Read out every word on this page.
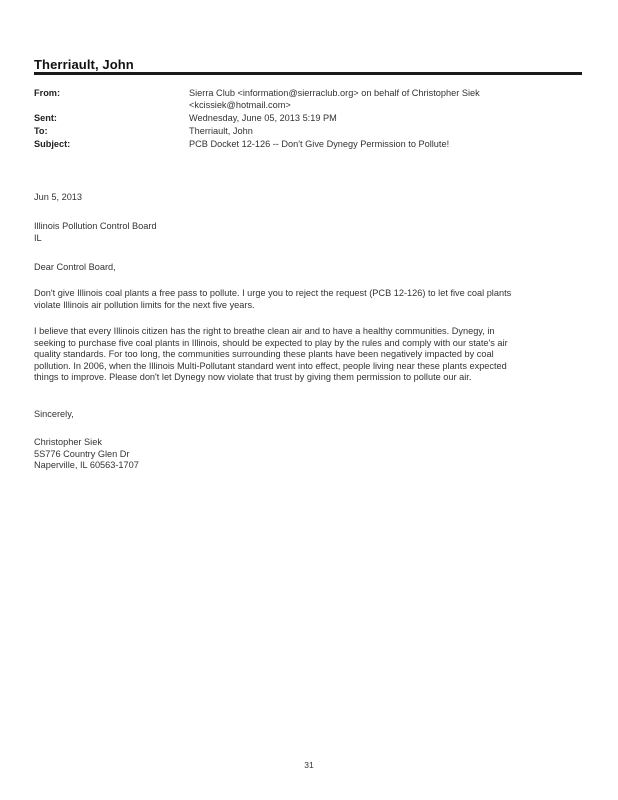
Therriault, John
From:	Sierra Club <information@sierraclub.org> on behalf of Christopher Siek
<kcissiek@hotmail.com>
Sent:	Wednesday, June 05, 2013 5:19 PM
To:	Therriault, John
Subject:	PCB Docket 12-126 -- Don't Give Dynegy Permission to Pollute!
Jun 5, 2013
Illinois Pollution Control Board
IL
Dear Control Board,
Don't give Illinois coal plants a free pass to pollute. I urge you to reject the request (PCB 12-126) to let five coal plants
violate Illinois air pollution limits for the next five years.
I believe that every Illinois citizen has the right to breathe clean air and to have a healthy communities. Dynegy, in
seeking to purchase five coal plants in Illinois, should be expected to play by the rules and comply with our state's air
quality standards. For too long, the communities surrounding these plants have been negatively impacted by coal
pollution. In 2006, when the Illinois Multi-Pollutant standard went into effect, people living near these plants expected
things to improve. Please don't let Dynegy now violate that trust by giving them permission to pollute our air.
Sincerely,
Christopher Siek
5S776 Country Glen Dr
Naperville, IL 60563-1707
31
